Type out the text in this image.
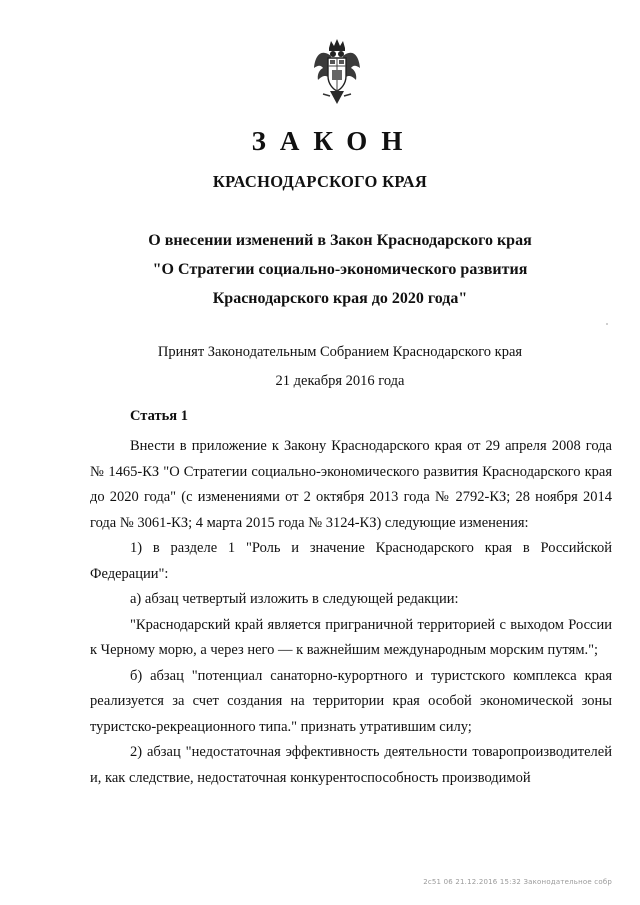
ЗАКОН
КРАСНОДАРСКОГО КРАЯ
О внесении изменений в Закон Краснодарского края
"О Стратегии социально-экономического развития
Краснодарского края до 2020 года"
Принят Законодательным Собранием Краснодарского края
21 декабря 2016 года
Статья 1

Внести в приложение к Закону Краснодарского края от 29 апреля 2008 года № 1465-КЗ "О Стратегии социально-экономического развития Краснодарского края до 2020 года" (с изменениями от 2 октября 2013 года № 2792-КЗ; 28 ноября 2014 года № 3061-КЗ; 4 марта 2015 года № 3124-КЗ) следующие изменения:

1) в разделе 1 "Роль и значение Краснодарского края в Российской Федерации":

а) абзац четвертый изложить в следующей редакции:

"Краснодарский край является приграничной территорией с выходом России к Черному морю, а через него — к важнейшим международным морским путям.";

б) абзац "потенциал санаторно-курортного и туристского комплекса края реализуется за счет создания на территории края особой экономической зоны туристско-рекреационного типа." признать утратившим силу;

2) абзац "недостаточная эффективность деятельности товаропроизводителей и, как следствие, недостаточная конкурентоспособность производимой

2c51 06 21.12.2016 15:32 Законодательное собр
